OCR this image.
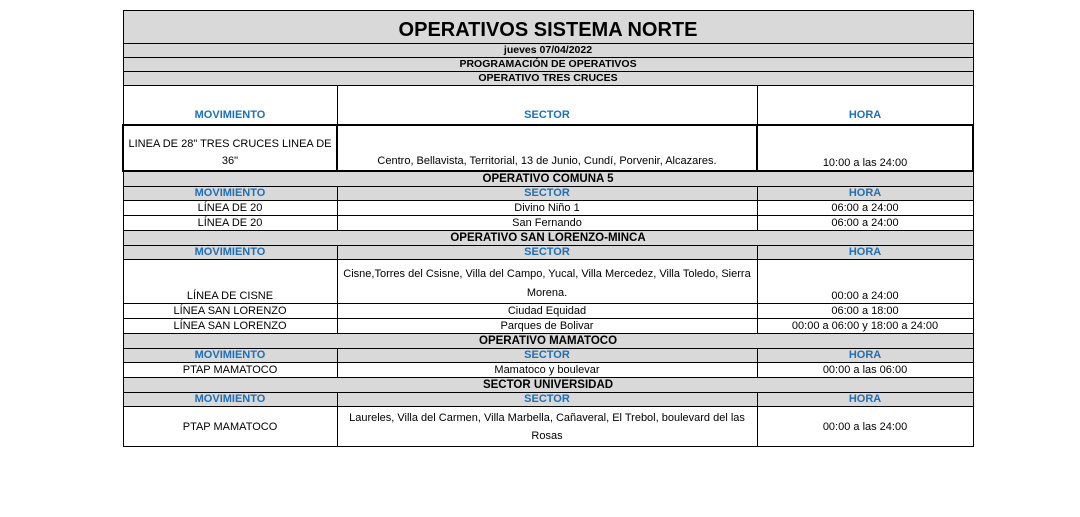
OPERATIVOS SISTEMA NORTE		
jueves 07/04/2022		
PROGRAMACIÓN DE OPERATIVOS		
OPERATIVO TRES CRUCES		
MOVIMIENTO	SECTOR	HORA
LINEA DE 28" TRES CRUCES LINEA DE 36"	Centro, Bellavista, Territorial, 13 de Junio, Cundí, Porvenir, Alcazares.	10:00 a las 24:00
OPERATIVO COMUNA 5		
MOVIMIENTO	SECTOR	HORA
LÍNEA DE 20	Divino Niño 1	06:00 a 24:00
LÍNEA DE 20	San Fernando	06:00 a 24:00
OPERATIVO SAN LORENZO-MINCA		
MOVIMIENTO	SECTOR	HORA
LÍNEA DE CISNE	Cisne,Torres del Csisne, Villa del Campo, Yucal, Villa Mercedez, Villa Toledo, Sierra Morena.	00:00 a 24:00
LÍNEA SAN LORENZO	Ciudad Equidad	06:00 a 18:00
LÍNEA SAN LORENZO	Parques de Bolivar	00:00 a 06:00 y 18:00 a 24:00
OPERATIVO MAMATOCO		
MOVIMIENTO	SECTOR	HORA
PTAP MAMATOCO	Mamatoco y boulevar	00:00 a las 06:00
SECTOR UNIVERSIDAD		
MOVIMIENTO	SECTOR	HORA
PTAP MAMATOCO	Laureles, Villa del Carmen, Villa Marbella, Cañaveral, El Trebol, boulevard del las Rosas	00:00 a las 24:00
